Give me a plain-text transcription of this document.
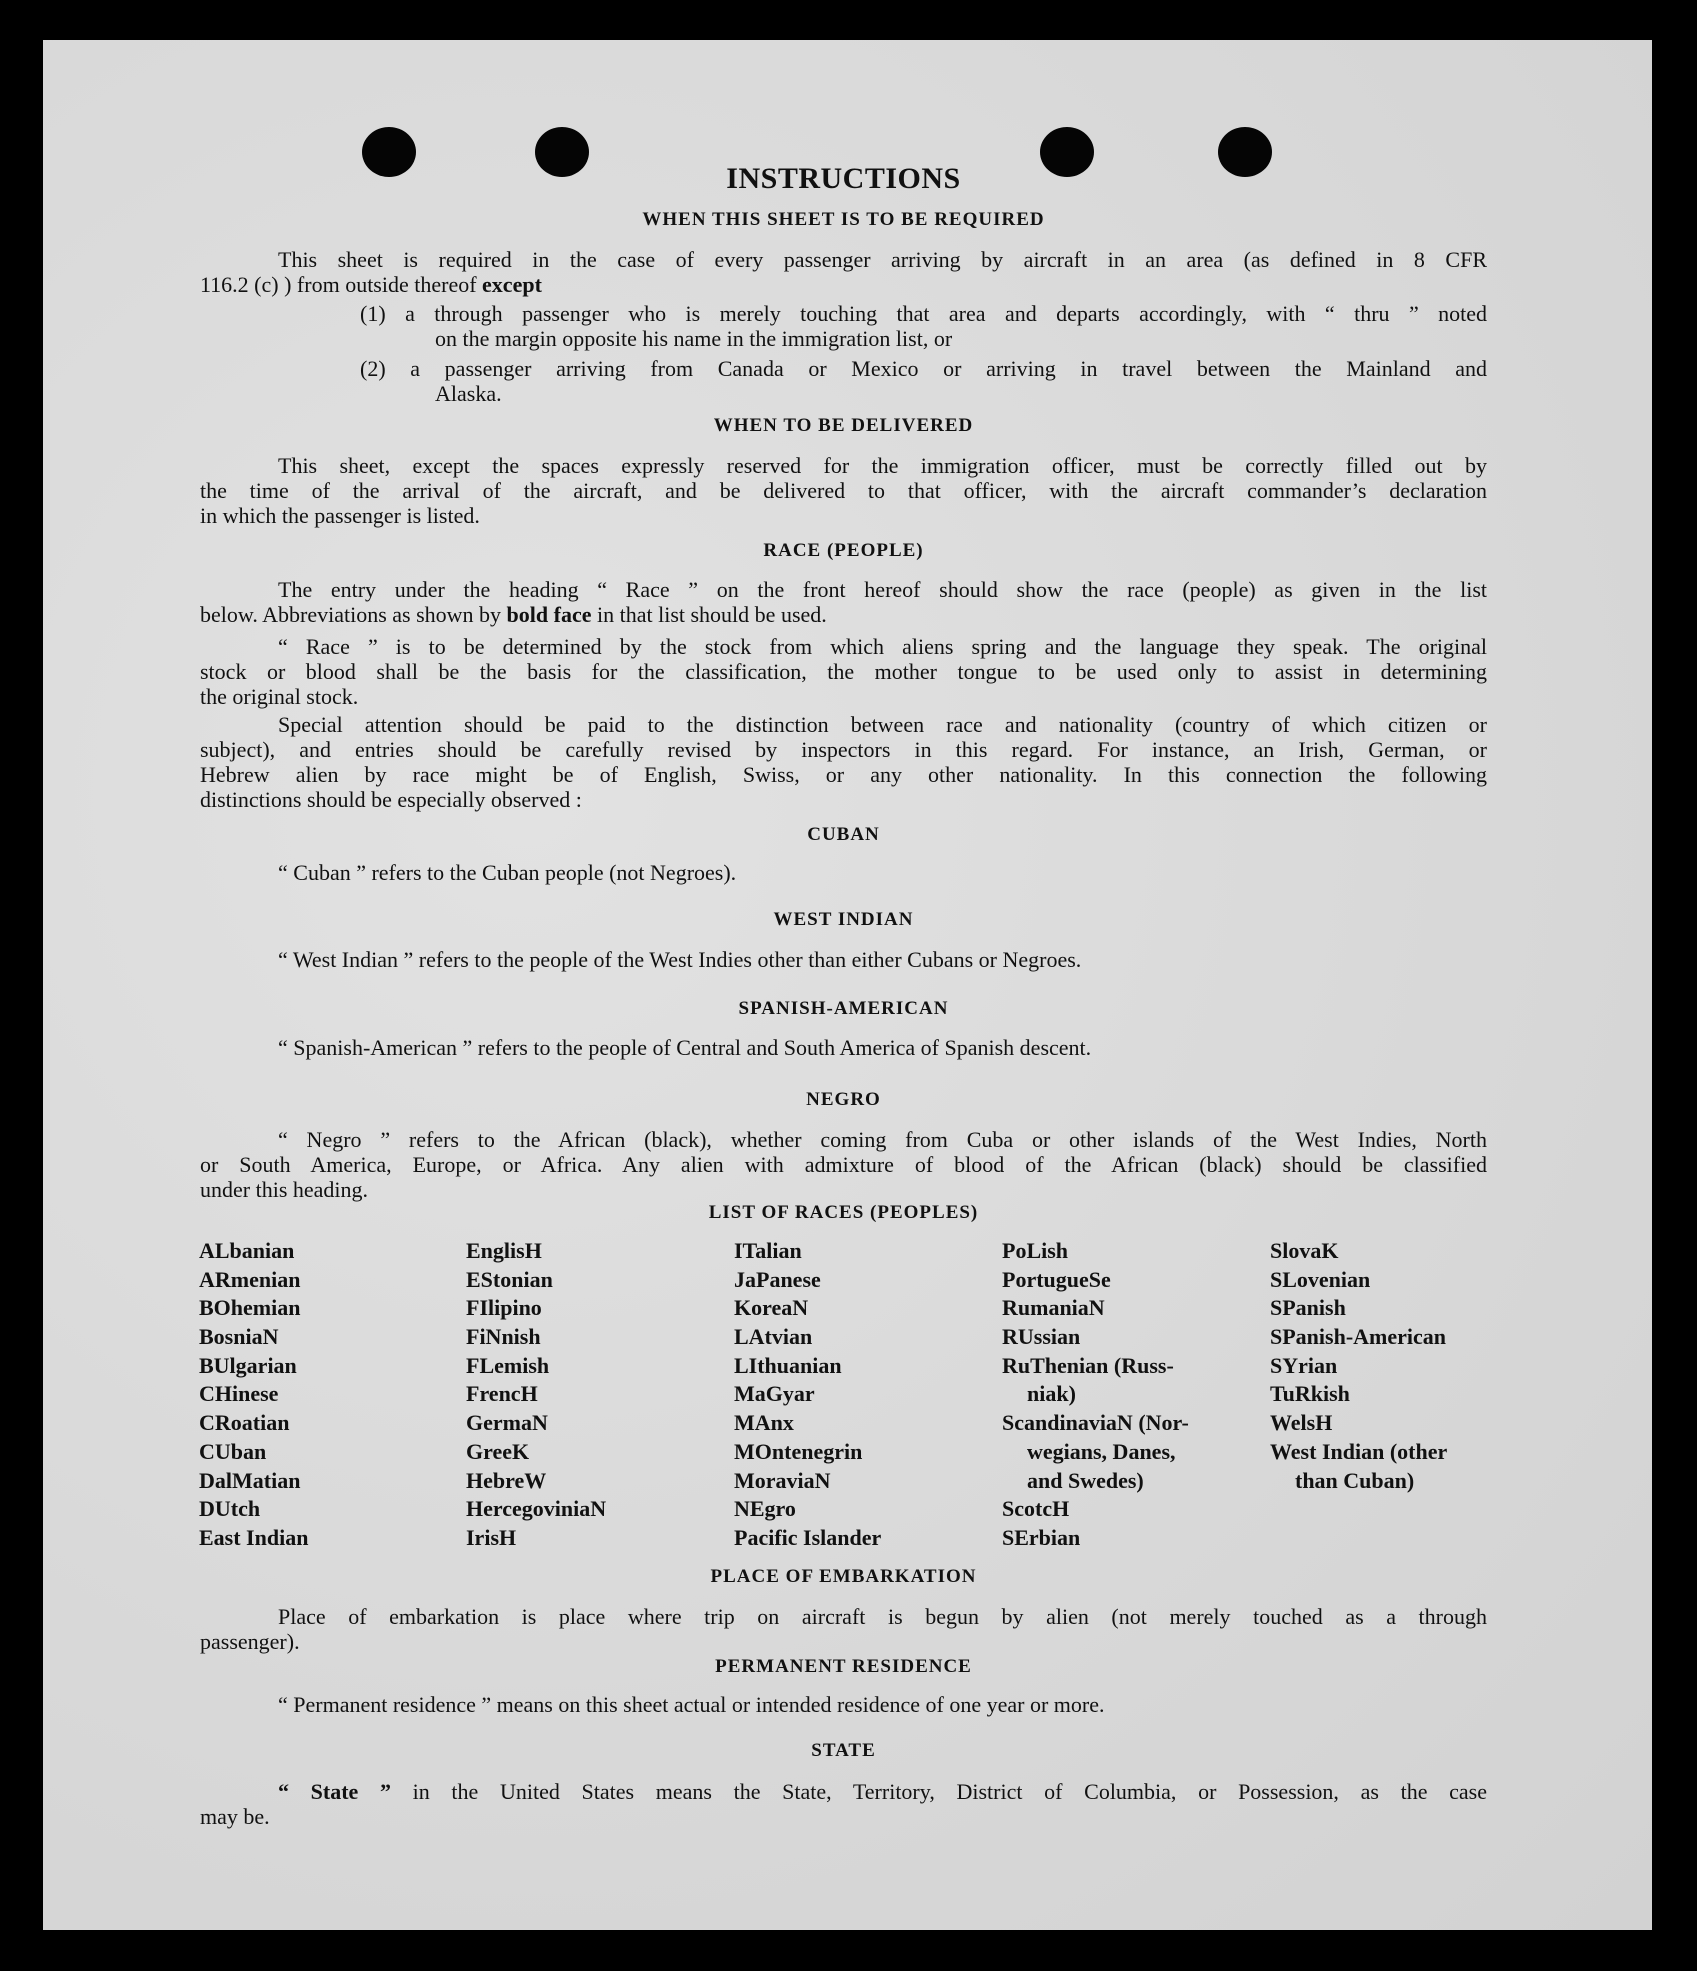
INSTRUCTIONS
WHEN THIS SHEET IS TO BE REQUIRED
This sheet is required in the case of every passenger arriving by aircraft in an area (as defined in 8 CFR
116.2 (c) ) from outside thereof except
(1) a through passenger who is merely touching that area and departs accordingly, with “ thru ” noted
on the margin opposite his name in the immigration list, or
(2) a passenger arriving from Canada or Mexico or arriving in travel between the Mainland and
Alaska.
WHEN TO BE DELIVERED
This sheet, except the spaces expressly reserved for the immigration officer, must be correctly filled out by
the time of the arrival of the aircraft, and be delivered to that officer, with the aircraft commander’s declaration
in which the passenger is listed.
RACE (PEOPLE)
The entry under the heading “ Race ” on the front hereof should show the race (people) as given in the list
below. Abbreviations as shown by bold face in that list should be used.
“ Race ” is to be determined by the stock from which aliens spring and the language they speak. The original
stock or blood shall be the basis for the classification, the mother tongue to be used only to assist in determining
the original stock.
Special attention should be paid to the distinction between race and nationality (country of which citizen or
subject), and entries should be carefully revised by inspectors in this regard. For instance, an Irish, German, or
Hebrew alien by race might be of English, Swiss, or any other nationality. In this connection the following
distinctions should be especially observed :
CUBAN
“ Cuban ” refers to the Cuban people (not Negroes).
WEST INDIAN
“ West Indian ” refers to the people of the West Indies other than either Cubans or Negroes.
SPANISH-AMERICAN
“ Spanish-American ” refers to the people of Central and South America of Spanish descent.
NEGRO
“ Negro ” refers to the African (black), whether coming from Cuba or other islands of the West Indies, North
or South America, Europe, or Africa. Any alien with admixture of blood of the African (black) should be classified
under this heading.
LIST OF RACES (PEOPLES)
PLACE OF EMBARKATION
Place of embarkation is place where trip on aircraft is begun by alien (not merely touched as a through
passenger).
PERMANENT RESIDENCE
“ Permanent residence ” means on this sheet actual or intended residence of one year or more.
STATE
“ State ” in the United States means the State, Territory, District of Columbia, or Possession, as the case
may be.
ALbanian
ARmenian
BOhemian
BosniaN
BUlgarian
CHinese
CRoatian
CUban
DalMatian
DUtch
East Indian
EnglisH
EStonian
FIlipino
FiNnish
FLemish
FrencH
GermaN
GreeK
HebreW
HercegoviniaN
IrisH
ITalian
JaPanese
KoreaN
LAtvian
LIthuanian
MaGyar
MAnx
MOntenegrin
MoraviaN
NEgro
Pacific Islander
PoLish
PortugueSe
RumaniaN
RUssian
RuThenian (Russ-
niak)
ScandinaviaN (Nor-
wegians, Danes,
and Swedes)
ScotcH
SErbian
SlovaK
SLovenian
SPanish
SPanish-American
SYrian
TuRkish
WelsH
West Indian (other
than Cuban)
